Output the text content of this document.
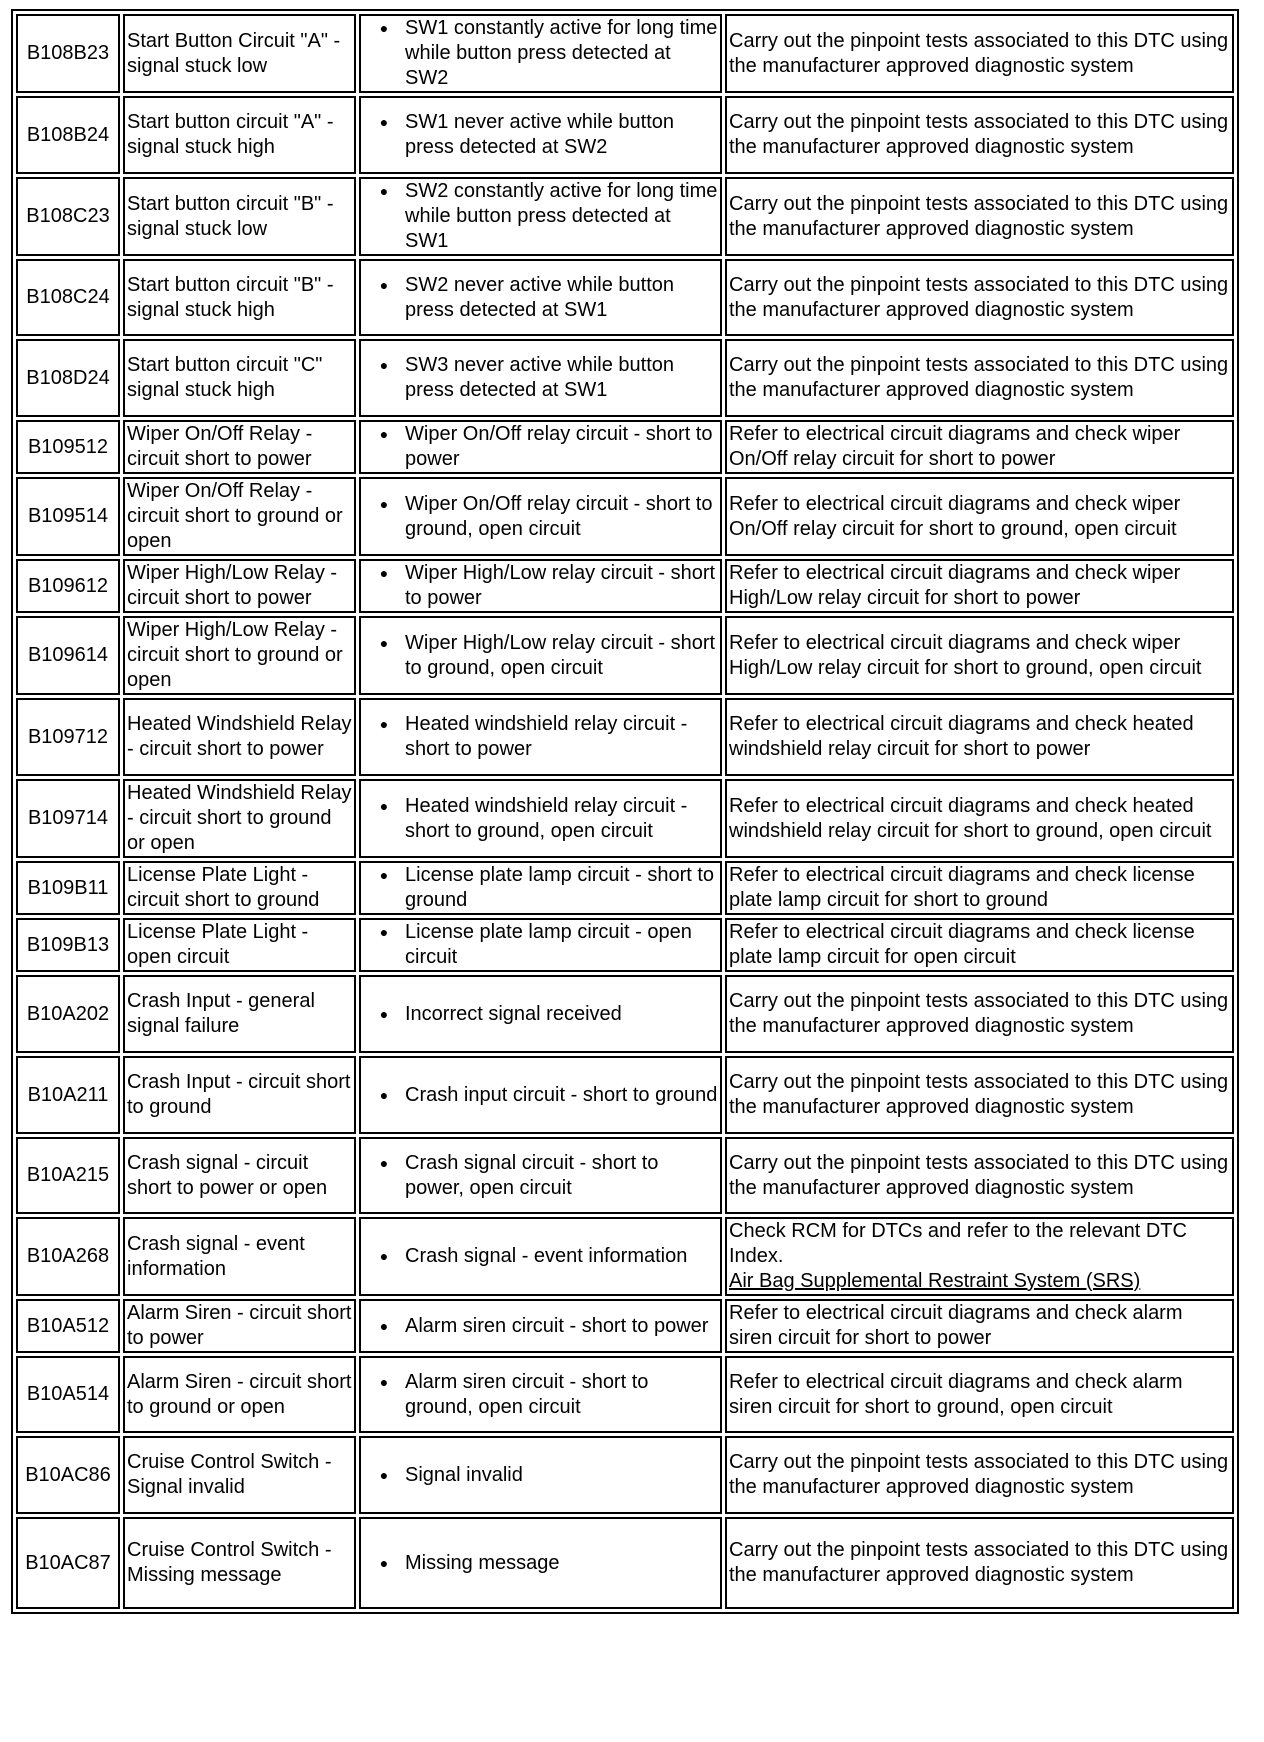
B108B23	Start Button Circuit "A" - signal stuck low	● SW1 constantly active for long time while button press detected at SW2	Carry out the pinpoint tests associated to this DTC using the manufacturer approved diagnostic system
B108B24	Start button circuit "A" - signal stuck high	● SW1 never active while button press detected at SW2	Carry out the pinpoint tests associated to this DTC using the manufacturer approved diagnostic system
B108C23	Start button circuit "B" - signal stuck low	● SW2 constantly active for long time while button press detected at SW1	Carry out the pinpoint tests associated to this DTC using the manufacturer approved diagnostic system
B108C24	Start button circuit "B" - signal stuck high	● SW2 never active while button press detected at SW1	Carry out the pinpoint tests associated to this DTC using the manufacturer approved diagnostic system
B108D24	Start button circuit "C" signal stuck high	● SW3 never active while button press detected at SW1	Carry out the pinpoint tests associated to this DTC using the manufacturer approved diagnostic system
B109512	Wiper On/Off Relay - circuit short to power	● Wiper On/Off relay circuit - short to power	Refer to electrical circuit diagrams and check wiper On/Off relay circuit for short to power
B109514	Wiper On/Off Relay - circuit short to ground or open	● Wiper On/Off relay circuit - short to ground, open circuit	Refer to electrical circuit diagrams and check wiper On/Off relay circuit for short to ground, open circuit
B109612	Wiper High/Low Relay - circuit short to power	● Wiper High/Low relay circuit - short to power	Refer to electrical circuit diagrams and check wiper High/Low relay circuit for short to power
B109614	Wiper High/Low Relay - circuit short to ground or open	● Wiper High/Low relay circuit - short to ground, open circuit	Refer to electrical circuit diagrams and check wiper High/Low relay circuit for short to ground, open circuit
B109712	Heated Windshield Relay - circuit short to power	● Heated windshield relay circuit - short to power	Refer to electrical circuit diagrams and check heated windshield relay circuit for short to power
B109714	Heated Windshield Relay - circuit short to ground or open	● Heated windshield relay circuit - short to ground, open circuit	Refer to electrical circuit diagrams and check heated windshield relay circuit for short to ground, open circuit
B109B11	License Plate Light - circuit short to ground	● License plate lamp circuit - short to ground	Refer to electrical circuit diagrams and check license plate lamp circuit for short to ground
B109B13	License Plate Light - open circuit	● License plate lamp circuit - open circuit	Refer to electrical circuit diagrams and check license plate lamp circuit for open circuit
B10A202	Crash Input - general signal failure	● Incorrect signal received	Carry out the pinpoint tests associated to this DTC using the manufacturer approved diagnostic system
B10A211	Crash Input - circuit short to ground	● Crash input circuit - short to ground	Carry out the pinpoint tests associated to this DTC using the manufacturer approved diagnostic system
B10A215	Crash signal - circuit short to power or open	● Crash signal circuit - short to power, open circuit	Carry out the pinpoint tests associated to this DTC using the manufacturer approved diagnostic system
B10A268	Crash signal - event information	● Crash signal - event information	Check RCM for DTCs and refer to the relevant DTC Index.
Air Bag Supplemental Restraint System (SRS)
B10A512	Alarm Siren - circuit short to power	● Alarm siren circuit - short to power	Refer to electrical circuit diagrams and check alarm siren circuit for short to power
B10A514	Alarm Siren - circuit short to ground or open	● Alarm siren circuit - short to ground, open circuit	Refer to electrical circuit diagrams and check alarm siren circuit for short to ground, open circuit
B10AC86	Cruise Control Switch - Signal invalid	● Signal invalid	Carry out the pinpoint tests associated to this DTC using the manufacturer approved diagnostic system
B10AC87	Cruise Control Switch - Missing message	● Missing message	Carry out the pinpoint tests associated to this DTC using the manufacturer approved diagnostic system
